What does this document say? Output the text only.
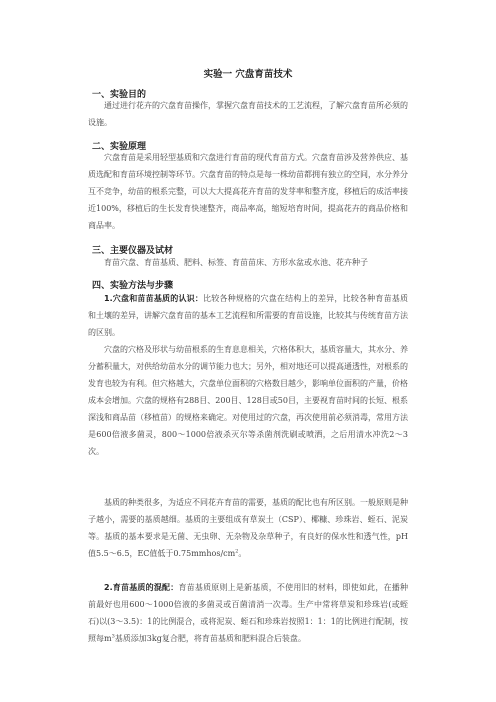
实验一 穴盘育苗技术
一、实验目的
通过进行花卉的穴盘育苗操作，掌握穴盘育苗技术的工艺流程，了解穴盘育苗所必须的设施。
二、实验原理
穴盘育苗是采用轻型基质和穴盘进行育苗的现代育苗方式。穴盘育苗涉及营养供应、基质选配和育苗环境控制等环节。穴盘育苗的特点是每一株幼苗都拥有独立的空间，水分养分互不竞争，幼苗的根系完整，可以大大提高花卉育苗的发芽率和整齐度，移植后的成活率接近100%，移植后的生长发育快速整齐，商品率高，缩短培育时间，提高花卉的商品价格和商品率。
三、主要仪器及试材
育苗穴盘、育苗基质、肥料、标签、育苗苗床、方形水盆或水池、花卉种子
四、实验方法与步骤
1.穴盘和苗苗基质的认识：比较各种规格的穴盘在结构上的差异，比较各种育苗基质和土壤的差异，讲解穴盘育苗的基本工艺流程和所需要的育苗设施，比较其与传统育苗方法的区别。
穴盘的穴格及形状与幼苗根系的生育息息相关，穴格体积大，基质容量大，其水分、养分蓄积量大，对供给幼苗水分的调节能力也大；另外，相对地还可以提高通透性，对根系的发育也较为有利。但穴格越大，穴盘单位面积的穴格数目越少，影响单位面积的产量，价格成本会增加。穴盘的规格有288目、200目、128目或50目，主要视育苗时间的长短、根系深浅和商品苗（移植苗）的规格来确定。对使用过的穴盘，再次使用前必须消毒，常用方法是600倍液多菌灵，800～1000倍液杀灭尔等杀菌剂洗刷或喷洒，之后用清水冲洗2～3次。
基质的种类很多，为适应不同花卉育苗的需要，基质的配比也有所区别。一般原则是种子越小，需要的基质越细。基质的主要组成有草炭土（CSP）、椰糠、珍珠岩、蛭石、泥炭等。基质的基本要求是无菌、无虫卵、无杂物及杂草种子，有良好的保水性和透气性，pH值5.5～6.5，EC值低于$0.75mmhos/cm^2$。
2.育苗基质的混配：育苗基质原则上是新基质，不使用旧的材料，即使如此，在播种前最好也用600～1000倍液的多菌灵或百菌清消一次毒。生产中常将草炭和珍珠岩(或蛭石)以(3～3.5)：1的比例混合，或将泥炭、蛭石和珍珠岩按照1：1：1的比例进行配制，按照每$m^3$基质添加3kg复合肥，将育苗基质和肥料混合后装盘。
